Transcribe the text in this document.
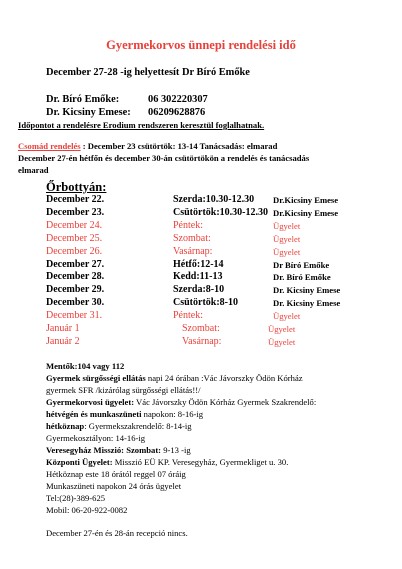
Gyermekorvos ünnepi rendelési idő
December 27-28 -ig helyettesít Dr Bíró Emőke
Dr. Bíró Emőke:	06 302220307
Dr. Kicsiny Emese: 06209628876
Időpontot a rendelésre Erodium rendszeren keresztül foglalhatnak.
Csomád rendelés : December 23 csütörtök: 13-14 Tanácsadás: elmarad
December 27-én hétfőn és december 30-án csütörtökön a rendelés és tanácsadás
elmarad
Őrbottyán:
December 22.	Szerda:10.30-12.30 Dr.Kicsiny Emese
December 23.	Csütörtök:10.30-12.30 Dr.Kicsiny Emese
December 24.	Péntek:	Ügyelet
December 25.	Szombat:	Ügyelet
December 26.	Vasárnap:	Ügyelet
December 27.	Hétfő:12-14	Dr Bíró Emőke
December 28.	Kedd:11-13	Dr. Bíró Emőke
December 29.	Szerda:8-10	Dr. Kicsiny Emese
December 30.	Csütörtök:8-10	Dr. Kicsiny Emese
December 31.	Péntek:	Ügyelet
Január 1	Szombat:	Ügyelet
Január 2	Vasárnap:	Ügyelet
Mentők:104 vagy 112
Gyermek sürgősségi ellátás napi 24 órában :Vác Jávorszky Ödön Kórház
gyermek SFR /kizárólag sürgősségi ellátás!!/
Gyermekorvosi ügyelet: Vác Jávorszky Ödön Kórház Gyermek Szakrendelő:
hétvégén és munkaszüneti napokon: 8-16-ig
hétköznap: Gyermekszakrendelő: 8-14-ig
Gyermekosztályon: 14-16-ig
Veresegyház Misszió: Szombat: 9-13 -ig
Központi Ügyelet: Misszió EÜ KP. Veresegyház, Gyermekliget u. 30.
Hétköznap este 18 órától reggel 07 óráig
Munkaszüneti napokon 24 órás ügyelet
Tel:(28)-389-625
Mobil: 06-20-922-0082
December 27-én és 28-án recepció nincs.
